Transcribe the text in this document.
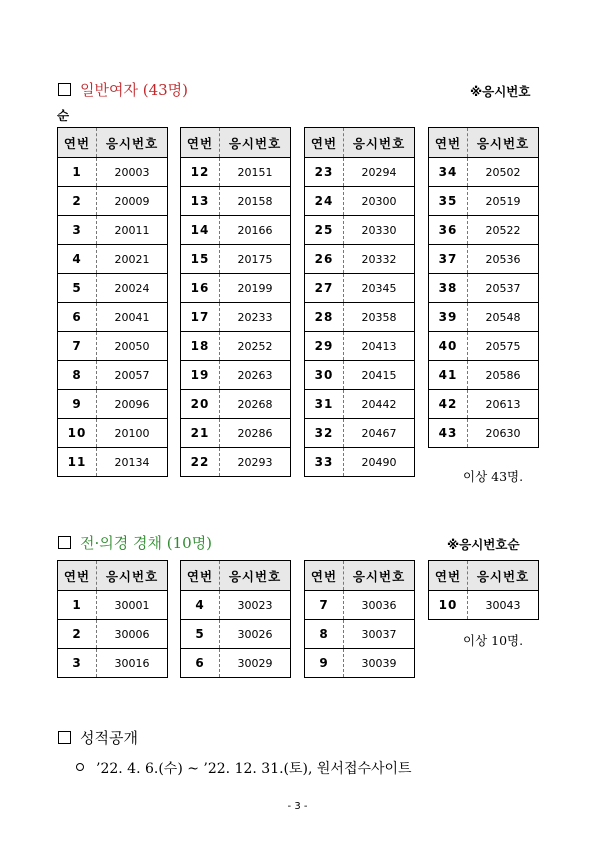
일반여자 (43명)	※응시번호
순
연번	응시번호
1	20003
2	20009
3	20011
4	20021
5	20024
6	20041
7	20050
8	20057
9	20096
10	20100
11	20134
연번	응시번호
12	20151
13	20158
14	20166
15	20175
16	20199
17	20233
18	20252
19	20263
20	20268
21	20286
22	20293
연번	응시번호
23	20294
24	20300
25	20330
26	20332
27	20345
28	20358
29	20413
30	20415
31	20442
32	20467
33	20490
연번	응시번호
34	20502
35	20519
36	20522
37	20536
38	20537
39	20548
40	20575
41	20586
42	20613
43	20630
이상 43명.
전·의경 경채 (10명)	※응시번호순
연번	응시번호
1	30001
2	30006
3	30016
연번	응시번호
4	30023
5	30026
6	30029
연번	응시번호
7	30036
8	30037
9	30039
연번	응시번호
10	30043
이상 10명.
성적공개
’22. 4. 6.(수) ~ ’22. 12. 31.(토), 원서접수사이트
- 3 -
